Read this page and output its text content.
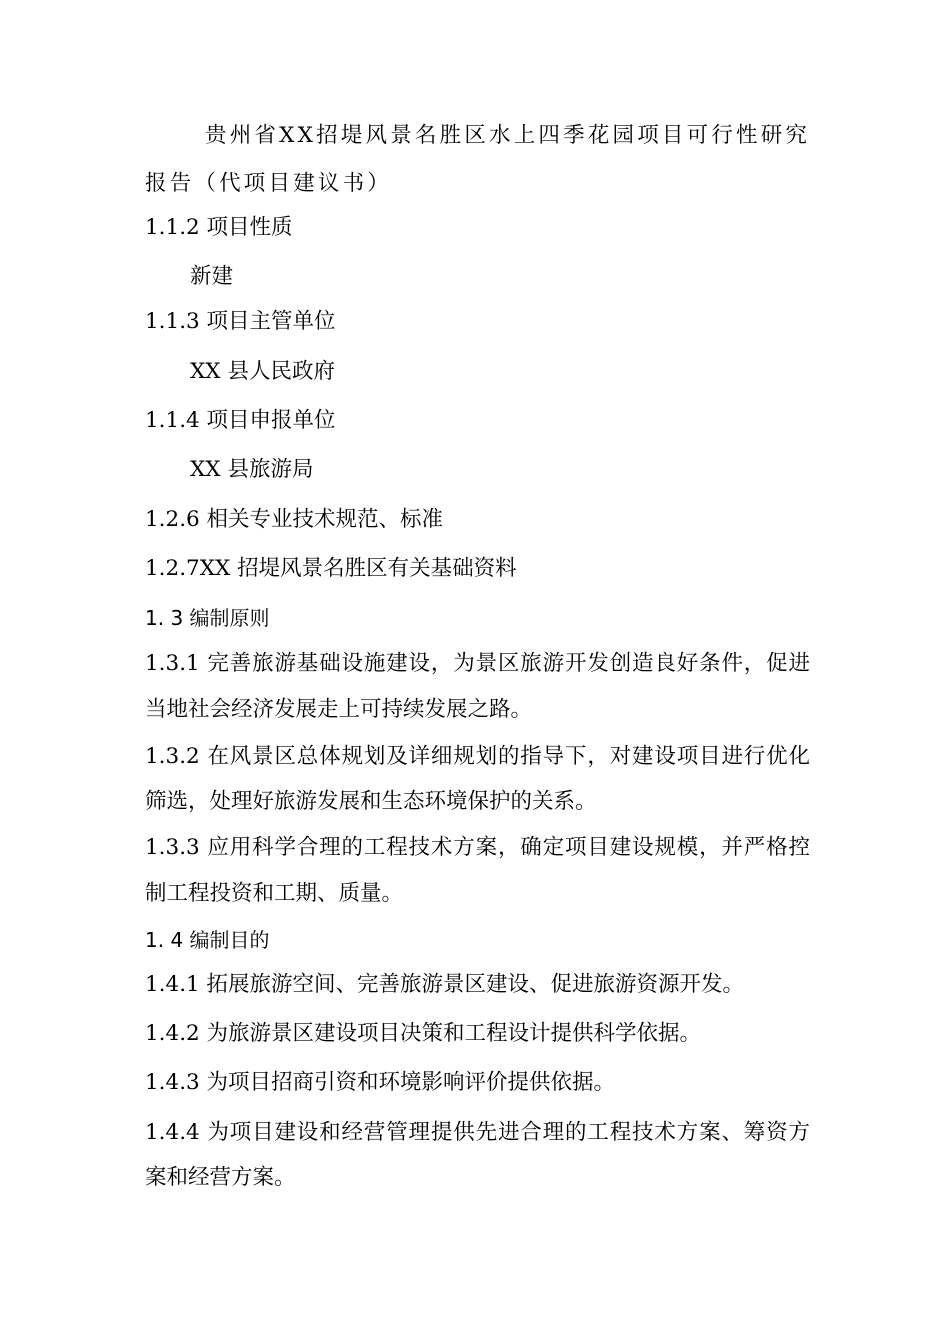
贵州省XX招堤风景名胜区水上四季花园项目可行性研究

报告（代项目建议书）

1.1.2 项目性质

新建

1.1.3 项目主管单位

XX 县人民政府

1.1.4 项目申报单位

XX 县旅游局

1.2.6 相关专业技术规范、标准

1.2.7XX 招堤风景名胜区有关基础资料

1. 3 编制原则

1.3.1 完善旅游基础设施建设，为景区旅游开发创造良好条件，促进

当地社会经济发展走上可持续发展之路。

1.3.2 在风景区总体规划及详细规划的指导下，对建设项目进行优化

筛选，处理好旅游发展和生态环境保护的关系。

1.3.3 应用科学合理的工程技术方案，确定项目建设规模，并严格控

制工程投资和工期、质量。

1. 4 编制目的

1.4.1 拓展旅游空间、完善旅游景区建设、促进旅游资源开发。

1.4.2 为旅游景区建设项目决策和工程设计提供科学依据。

1.4.3 为项目招商引资和环境影响评价提供依据。

1.4.4 为项目建设和经营管理提供先进合理的工程技术方案、筹资方

案和经营方案。
